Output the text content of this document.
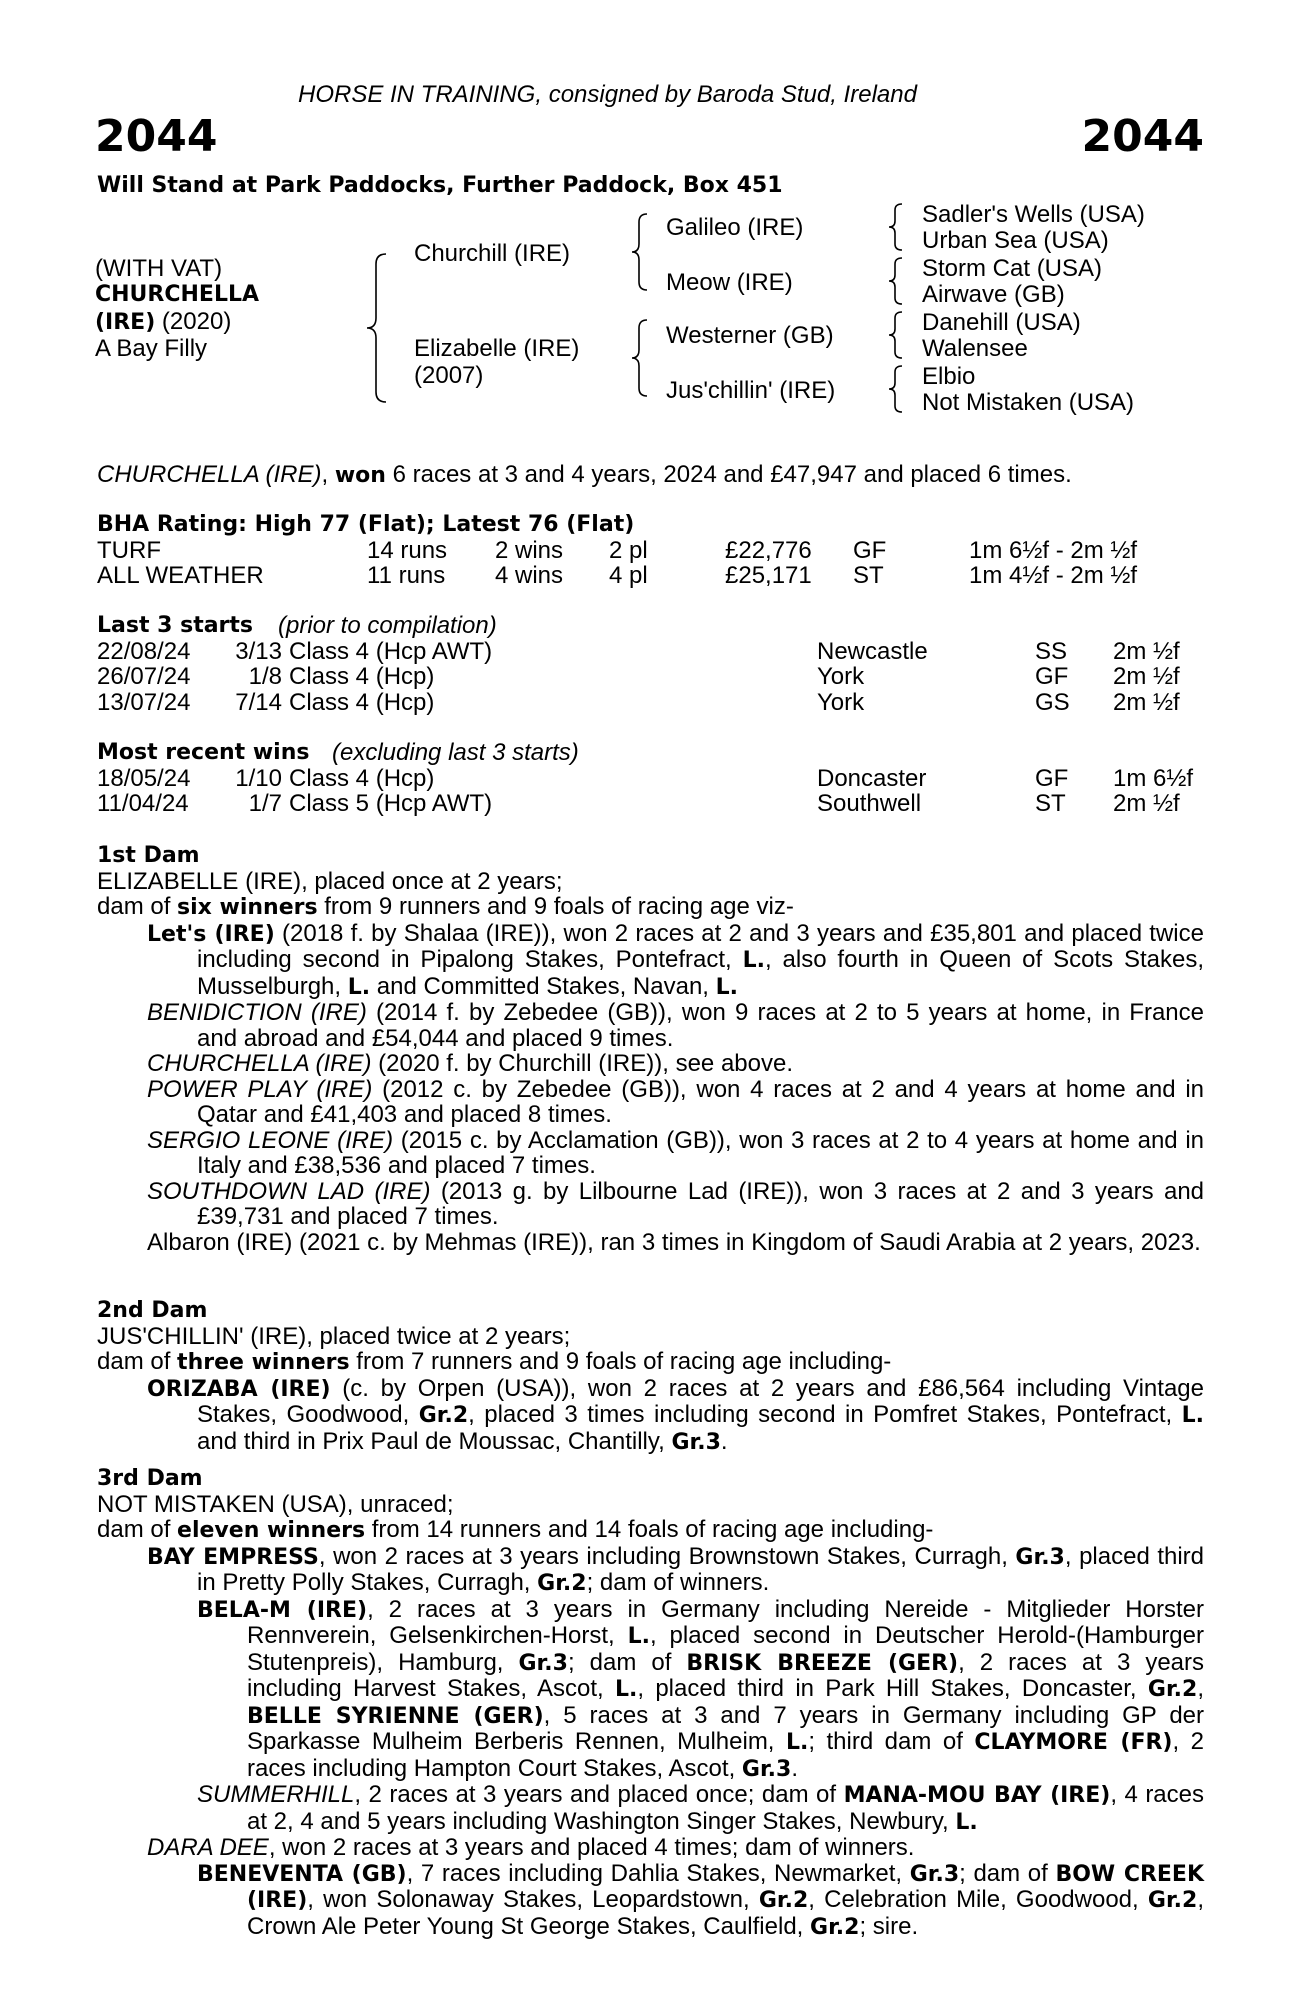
HORSE IN TRAINING, consigned by Baroda Stud, Ireland
2044	2044
Will Stand at Park Paddocks, Further Paddock, Box 451
(WITH VAT)
CHURCHELLA
(IRE) (2020)
A Bay Filly
Churchill (IRE)
Elizabelle (IRE)
(2007)
Galileo (IRE)
Meow (IRE)
Westerner (GB)
Jus'chillin' (IRE)
Sadler's Wells (USA)
Urban Sea (USA)
Storm Cat (USA)
Airwave (GB)
Danehill (USA)
Walensee
Elbio
Not Mistaken (USA)
CHURCHELLA (IRE), won 6 races at 3 and 4 years, 2024 and £47,947 and placed 6 times.
BHA Rating: High 77 (Flat); Latest 76 (Flat)
TURF	14 runs 2 wins 2 pl	£22,776 GF	1m 6½f - 2m ½f
ALL WEATHER	11 runs 4 wins 4 pl	£25,171 ST	1m 4½f - 2m ½f
Last 3 starts (prior to compilation)
22/08/24	3/13 Class 4 (Hcp AWT)	Newcastle	SS 2m ½f
26/07/24	1/8 Class 4 (Hcp)	York	GF 2m ½f
13/07/24	7/14 Class 4 (Hcp)	York	GS 2m ½f
Most recent wins (excluding last 3 starts)
18/05/24	1/10 Class 4 (Hcp)	Doncaster	GF 1m 6½f
11/04/24	1/7 Class 5 (Hcp AWT)	Southwell	ST 2m ½f
1st Dam
ELIZABELLE (IRE), placed once at 2 years;
dam of six winners from 9 runners and 9 foals of racing age viz-
Let's (IRE) (2018 f. by Shalaa (IRE)), won 2 races at 2 and 3 years and £35,801 and placed twice including second in Pipalong Stakes, Pontefract, L., also fourth in Queen of Scots Stakes, Musselburgh, L. and Committed Stakes, Navan, L.
BENIDICTION (IRE) (2014 f. by Zebedee (GB)), won 9 races at 2 to 5 years at home, in France and abroad and £54,044 and placed 9 times.
CHURCHELLA (IRE) (2020 f. by Churchill (IRE)), see above.
POWER PLAY (IRE) (2012 c. by Zebedee (GB)), won 4 races at 2 and 4 years at home and in Qatar and £41,403 and placed 8 times.
SERGIO LEONE (IRE) (2015 c. by Acclamation (GB)), won 3 races at 2 to 4 years at home and in Italy and £38,536 and placed 7 times.
SOUTHDOWN LAD (IRE) (2013 g. by Lilbourne Lad (IRE)), won 3 races at 2 and 3 years and £39,731 and placed 7 times.
Albaron (IRE) (2021 c. by Mehmas (IRE)), ran 3 times in Kingdom of Saudi Arabia at 2 years, 2023.
2nd Dam
JUS'CHILLIN' (IRE), placed twice at 2 years;
dam of three winners from 7 runners and 9 foals of racing age including-
ORIZABA (IRE) (c. by Orpen (USA)), won 2 races at 2 years and £86,564 including Vintage Stakes, Goodwood, Gr.2, placed 3 times including second in Pomfret Stakes, Pontefract, L. and third in Prix Paul de Moussac, Chantilly, Gr.3.
3rd Dam
NOT MISTAKEN (USA), unraced;
dam of eleven winners from 14 runners and 14 foals of racing age including-
BAY EMPRESS, won 2 races at 3 years including Brownstown Stakes, Curragh, Gr.3, placed third in Pretty Polly Stakes, Curragh, Gr.2; dam of winners.
BELA-M (IRE), 2 races at 3 years in Germany including Nereide - Mitglieder Horster Rennverein, Gelsenkirchen-Horst, L., placed second in Deutscher Herold-(Hamburger Stutenpreis), Hamburg, Gr.3; dam of BRISK BREEZE (GER), 2 races at 3 years including Harvest Stakes, Ascot, L., placed third in Park Hill Stakes, Doncaster, Gr.2, BELLE SYRIENNE (GER), 5 races at 3 and 7 years in Germany including GP der Sparkasse Mulheim Berberis Rennen, Mulheim, L.; third dam of CLAYMORE (FR), 2 races including Hampton Court Stakes, Ascot, Gr.3.
SUMMERHILL, 2 races at 3 years and placed once; dam of MANA-MOU BAY (IRE), 4 races at 2, 4 and 5 years including Washington Singer Stakes, Newbury, L.
DARA DEE, won 2 races at 3 years and placed 4 times; dam of winners.
BENEVENTA (GB), 7 races including Dahlia Stakes, Newmarket, Gr.3; dam of BOW CREEK (IRE), won Solonaway Stakes, Leopardstown, Gr.2, Celebration Mile, Goodwood, Gr.2, Crown Ale Peter Young St George Stakes, Caulfield, Gr.2; sire.
